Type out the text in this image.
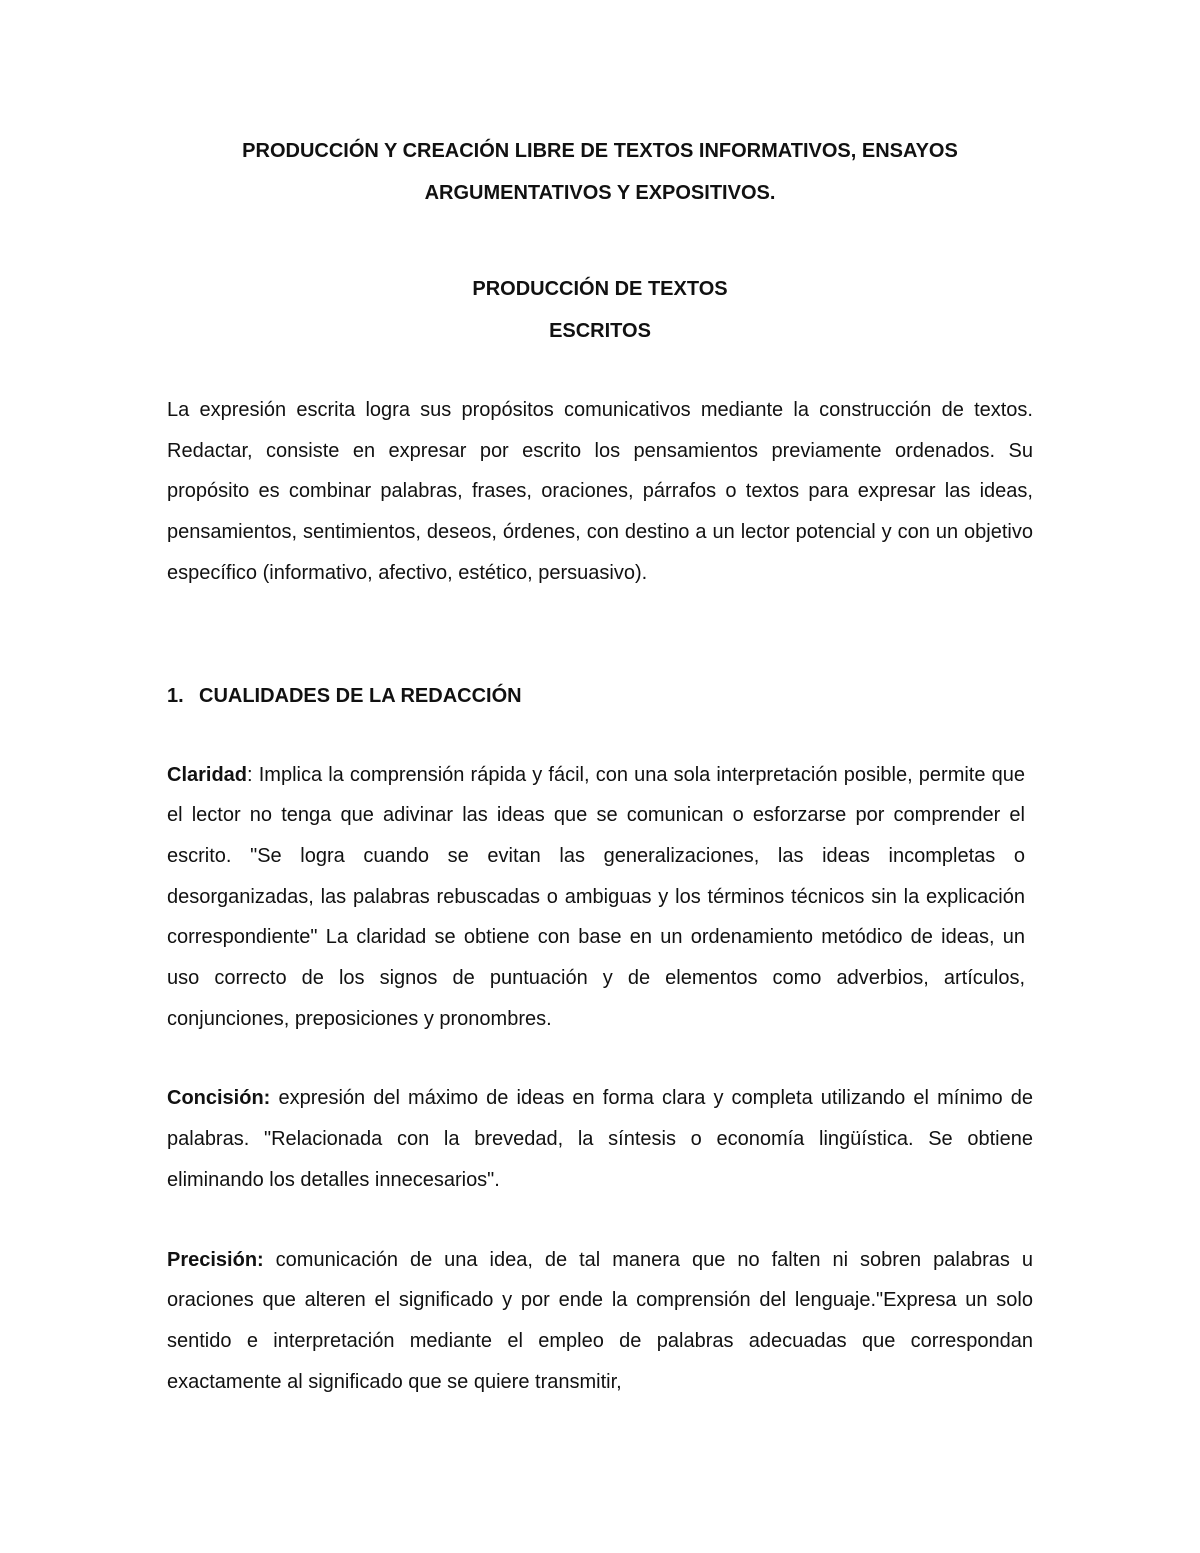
PRODUCCIÓN Y CREACIÓN LIBRE DE TEXTOS INFORMATIVOS, ENSAYOS
ARGUMENTATIVOS Y EXPOSITIVOS.
PRODUCCIÓN DE TEXTOS
ESCRITOS

La expresión escrita logra sus propósitos comunicativos mediante la construcción de textos. Redactar, consiste en expresar por escrito los pensamientos previamente ordenados. Su propósito es combinar palabras, frases, oraciones, párrafos o textos para expresar las ideas, pensamientos, sentimientos, deseos, órdenes, con destino a un lector potencial y con un objetivo específico (informativo, afectivo, estético, persuasivo).

1. CUALIDADES DE LA REDACCIÓN

Claridad: Implica la comprensión rápida y fácil, con una sola interpretación posible, permite que el lector no tenga que adivinar las ideas que se comunican o esforzarse por comprender el escrito. "Se logra cuando se evitan las generalizaciones, las ideas incompletas o desorganizadas, las palabras rebuscadas o ambiguas y los términos técnicos sin la explicación correspondiente" La claridad se obtiene con base en un ordenamiento metódico de ideas, un uso correcto de los signos de puntuación y de elementos como adverbios, artículos, conjunciones, preposiciones y pronombres.

Concisión: expresión del máximo de ideas en forma clara y completa utilizando el mínimo de palabras. "Relacionada con la brevedad, la síntesis o economía lingüística. Se obtiene eliminando los detalles innecesarios".

Precisión: comunicación de una idea, de tal manera que no falten ni sobren palabras u oraciones que alteren el significado y por ende la comprensión del lenguaje."Expresa un solo sentido e interpretación mediante el empleo de palabras adecuadas que correspondan exactamente al significado que se quiere transmitir,
